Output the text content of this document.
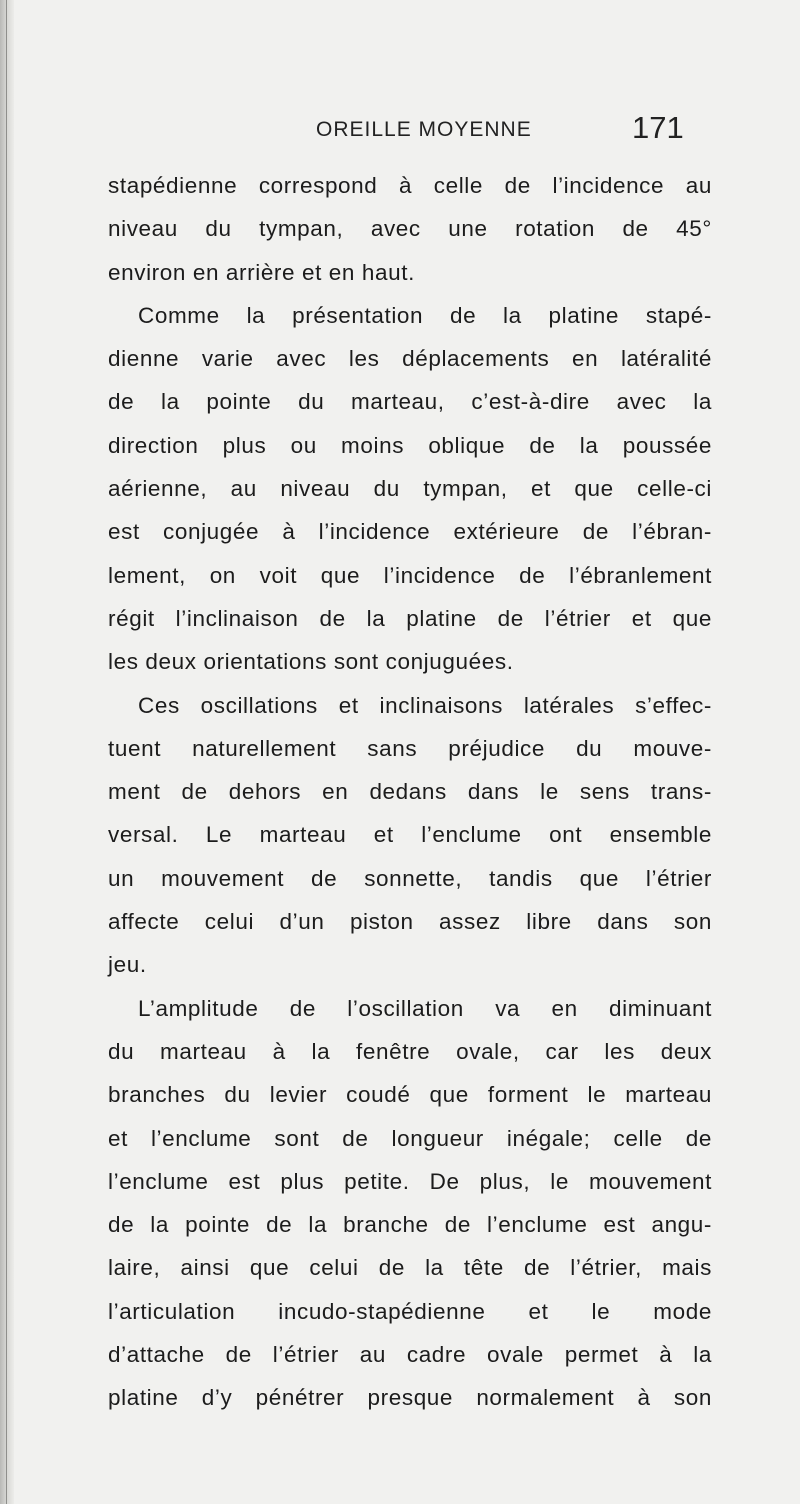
OREILLE MOYENNE	171
stapédienne correspond à celle de l’incidence au
niveau du tympan, avec une rotation de 45°
environ en arrière et en haut.
Comme la présentation de la platine stapé-
dienne varie avec les déplacements en latéralité
de la pointe du marteau, c’est-à-dire avec la
direction plus ou moins oblique de la poussée
aérienne, au niveau du tympan, et que celle-ci
est conjugée à l’incidence extérieure de l’ébran-
lement, on voit que l’incidence de l’ébranlement
régit l’inclinaison de la platine de l’étrier et que
les deux orientations sont conjuguées.
Ces oscillations et inclinaisons latérales s’effec-
tuent naturellement sans préjudice du mouve-
ment de dehors en dedans dans le sens trans-
versal. Le marteau et l’enclume ont ensemble
un mouvement de sonnette, tandis que l’étrier
affecte celui d’un piston assez libre dans son
jeu.
L’amplitude de l’oscillation va en diminuant
du marteau à la fenêtre ovale, car les deux
branches du levier coudé que forment le marteau
et l’enclume sont de longueur inégale; celle de
l’enclume est plus petite. De plus, le mouvement
de la pointe de la branche de l’enclume est angu-
laire, ainsi que celui de la tête de l’étrier, mais
l’articulation incudo-stapédienne et le mode
d’attache de l’étrier au cadre ovale permet à la
platine d’y pénétrer presque normalement à son
